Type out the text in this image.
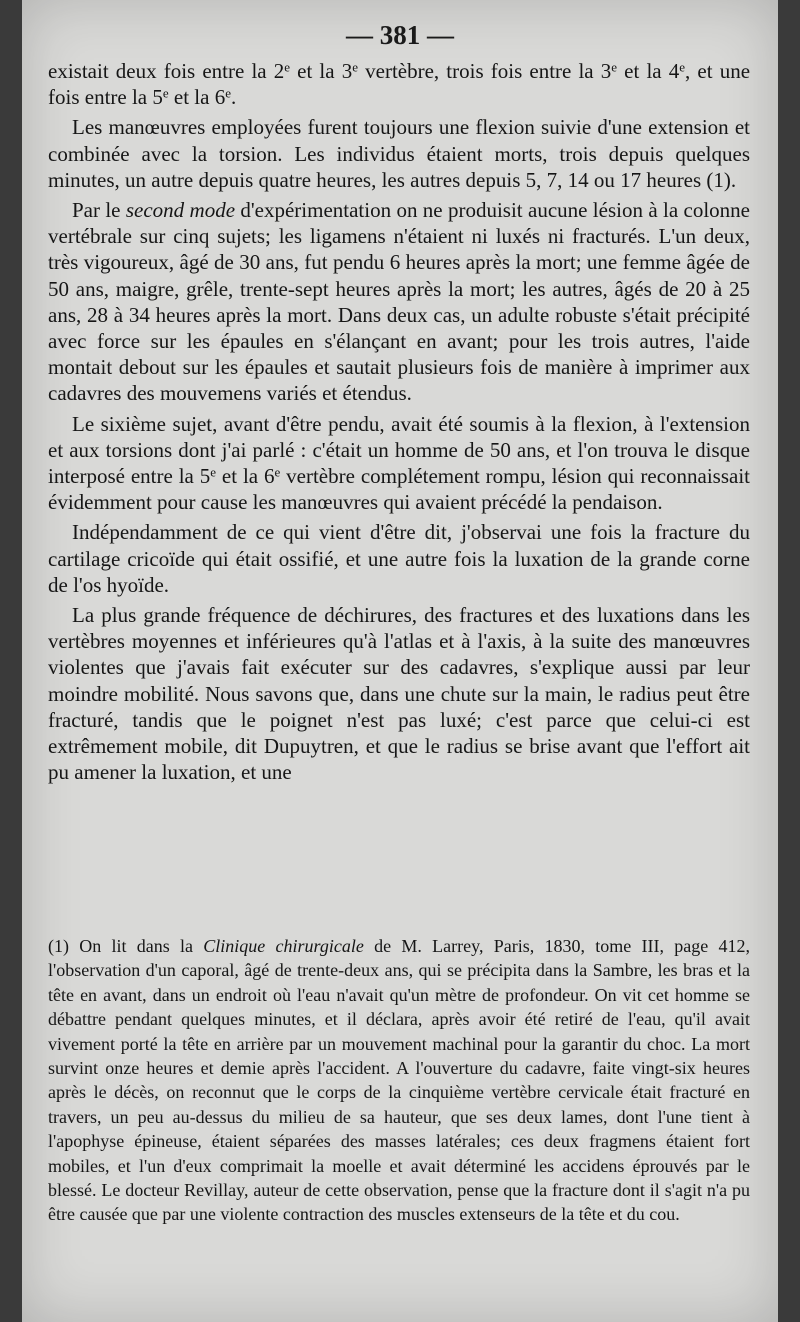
— 381 —

existait deux fois entre la 2e et la 3e vertèbre, trois fois entre la 3e et la 4e, et une fois entre la 5e et la 6e.

Les manœuvres employées furent toujours une flexion suivie d'une extension et combinée avec la torsion. Les individus étaient morts, trois depuis quelques minutes, un autre depuis quatre heures, les autres depuis 5, 7, 14 ou 17 heures (1).

Par le second mode d'expérimentation on ne produisit aucune lésion à la colonne vertébrale sur cinq sujets; les ligamens n'étaient ni luxés ni fracturés. L'un deux, très vigoureux, âgé de 30 ans, fut pendu 6 heures après la mort; une femme âgée de 50 ans, maigre, grêle, trente-sept heures après la mort; les autres, âgés de 20 à 25 ans, 28 à 34 heures après la mort. Dans deux cas, un adulte robuste s'était précipité avec force sur les épaules en s'élançant en avant; pour les trois autres, l'aide montait debout sur les épaules et sautait plusieurs fois de manière à imprimer aux cadavres des mouvemens variés et étendus.

Le sixième sujet, avant d'être pendu, avait été soumis à la flexion, à l'extension et aux torsions dont j'ai parlé : c'était un homme de 50 ans, et l'on trouva le disque interposé entre la 5e et la 6e vertèbre complétement rompu, lésion qui reconnaissait évidemment pour cause les manœuvres qui avaient précédé la pendaison.

Indépendamment de ce qui vient d'être dit, j'observai une fois la fracture du cartilage cricoïde qui était ossifié, et une autre fois la luxation de la grande corne de l'os hyoïde.

La plus grande fréquence de déchirures, des fractures et des luxations dans les vertèbres moyennes et inférieures qu'à l'atlas et à l'axis, à la suite des manœuvres violentes que j'avais fait exécuter sur des cadavres, s'explique aussi par leur moindre mobilité. Nous savons que, dans une chute sur la main, le radius peut être fracturé, tandis que le poignet n'est pas luxé; c'est parce que celui-ci est extrêmement mobile, dit Dupuytren, et que le radius se brise avant que l'effort ait pu amener la luxation, et une

(1) On lit dans la Clinique chirurgicale de M. Larrey, Paris, 1830, tome III, page 412, l'observation d'un caporal, âgé de trente-deux ans, qui se précipita dans la Sambre, les bras et la tête en avant, dans un endroit où l'eau n'avait qu'un mètre de profondeur. On vit cet homme se débattre pendant quelques minutes, et il déclara, après avoir été retiré de l'eau, qu'il avait vivement porté la tête en arrière par un mouvement machinal pour la garantir du choc. La mort survint onze heures et demie après l'accident. A l'ouverture du cadavre, faite vingt-six heures après le décès, on reconnut que le corps de la cinquième vertèbre cervicale était fracturé en travers, un peu au-dessus du milieu de sa hauteur, que ses deux lames, dont l'une tient à l'apophyse épineuse, étaient séparées des masses latérales; ces deux fragmens étaient fort mobiles, et l'un d'eux comprimait la moelle et avait déterminé les accidens éprouvés par le blessé. Le docteur Revillay, auteur de cette observation, pense que la fracture dont il s'agit n'a pu être causée que par une violente contraction des muscles extenseurs de la tête et du cou.
